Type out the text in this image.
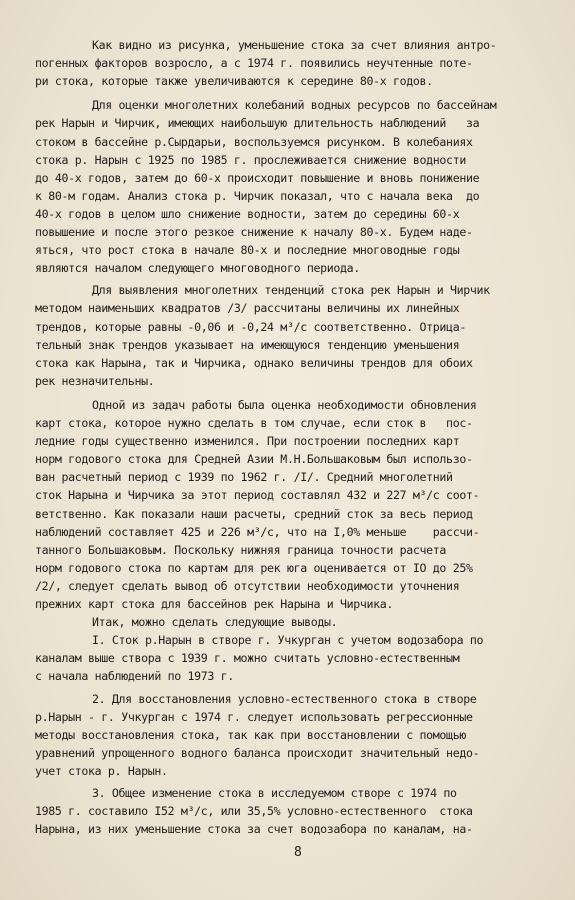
Как видно из рисунка, уменьшение стока за счет влияния антро-
погенных факторов возросло, а с 1974 г. появились неучтенные поте-
ри стока, которые также увеличиваются к середине 80-х годов.
Для оценки многолетних колебаний водных ресурсов по бассейнам
рек Нарын и Чирчик, имеющих наибольшую длительность наблюдений   за
стоком в бассейне р.Сырдарьи, воспользуемся рисунком. В колебаниях
стока р. Нарын с 1925 по 1985 г. прослеживается снижение водности
до 40-х годов, затем до 60-х происходит повышение и вновь понижение
к 80-м годам. Анализ стока р. Чирчик показал, что с начала века  до
40-х годов в целом шло снижение водности, затем до середины 60-х
повышение и после этого резкое снижение к началу 80-х. Будем наде-
яться, что рост стока в начале 80-х и последние многоводные годы
являются началом следующего многоводного периода.
Для выявления многолетних тенденций стока рек Нарын и Чирчик
методом наименьших квадратов /3/ рассчитаны величины их линейных
трендов, которые равны -0,06 и -0,24 м³/с соответственно. Отрица-
тельный знак трендов указывает на имеющуюся тенденцию уменьшения
стока как Нарына, так и Чирчика, однако величины трендов для обоих
рек незначительны.
Одной из задач работы была оценка необходимости обновления
карт стока, которое нужно сделать в том случае, если сток в   пос-
ледние годы существенно изменился. При построении последних карт
норм годового стока для Средней Азии М.Н.Большаковым был использо-
ван расчетный период с 1939 по 1962 г. /I/. Средний многолетний
сток Нарына и Чирчика за этот период составлял 432 и 227 м³/с соот-
ветственно. Как показали наши расчеты, средний сток за весь период
наблюдений составляет 425 и 226 м³/с, что на I,0% меньше    рассчи-
танного Большаковым. Поскольку нижняя граница точности расчета
норм годового стока по картам для рек юга оценивается от IO до 25%
/2/, следует сделать вывод об отсутствии необходимости уточнения
прежних карт стока для бассейнов рек Нарына и Чирчика.
Итак, можно сделать следующие выводы.
I. Сток р.Нарын в створе г. Учкурган с учетом водозабора по
каналам выше створа с 1939 г. можно считать условно-естественным
с начала наблюдений по 1973 г.
2. Для восстановления условно-естественного стока в створе
р.Нарын - г. Учкурган с 1974 г. следует использовать регрессионные
методы восстановления стока, так как при восстановлении с помощью
уравнений упрощенного водного баланса происходит значительный недо-
учет стока р. Нарын.
3. Общее изменение стока в исследуемом створе с 1974 по
1985 г. составило I52 м³/с, или 35,5% условно-естественного  стока
Нарына, из них уменьшение стока за счет водозабора по каналам, на-
8
